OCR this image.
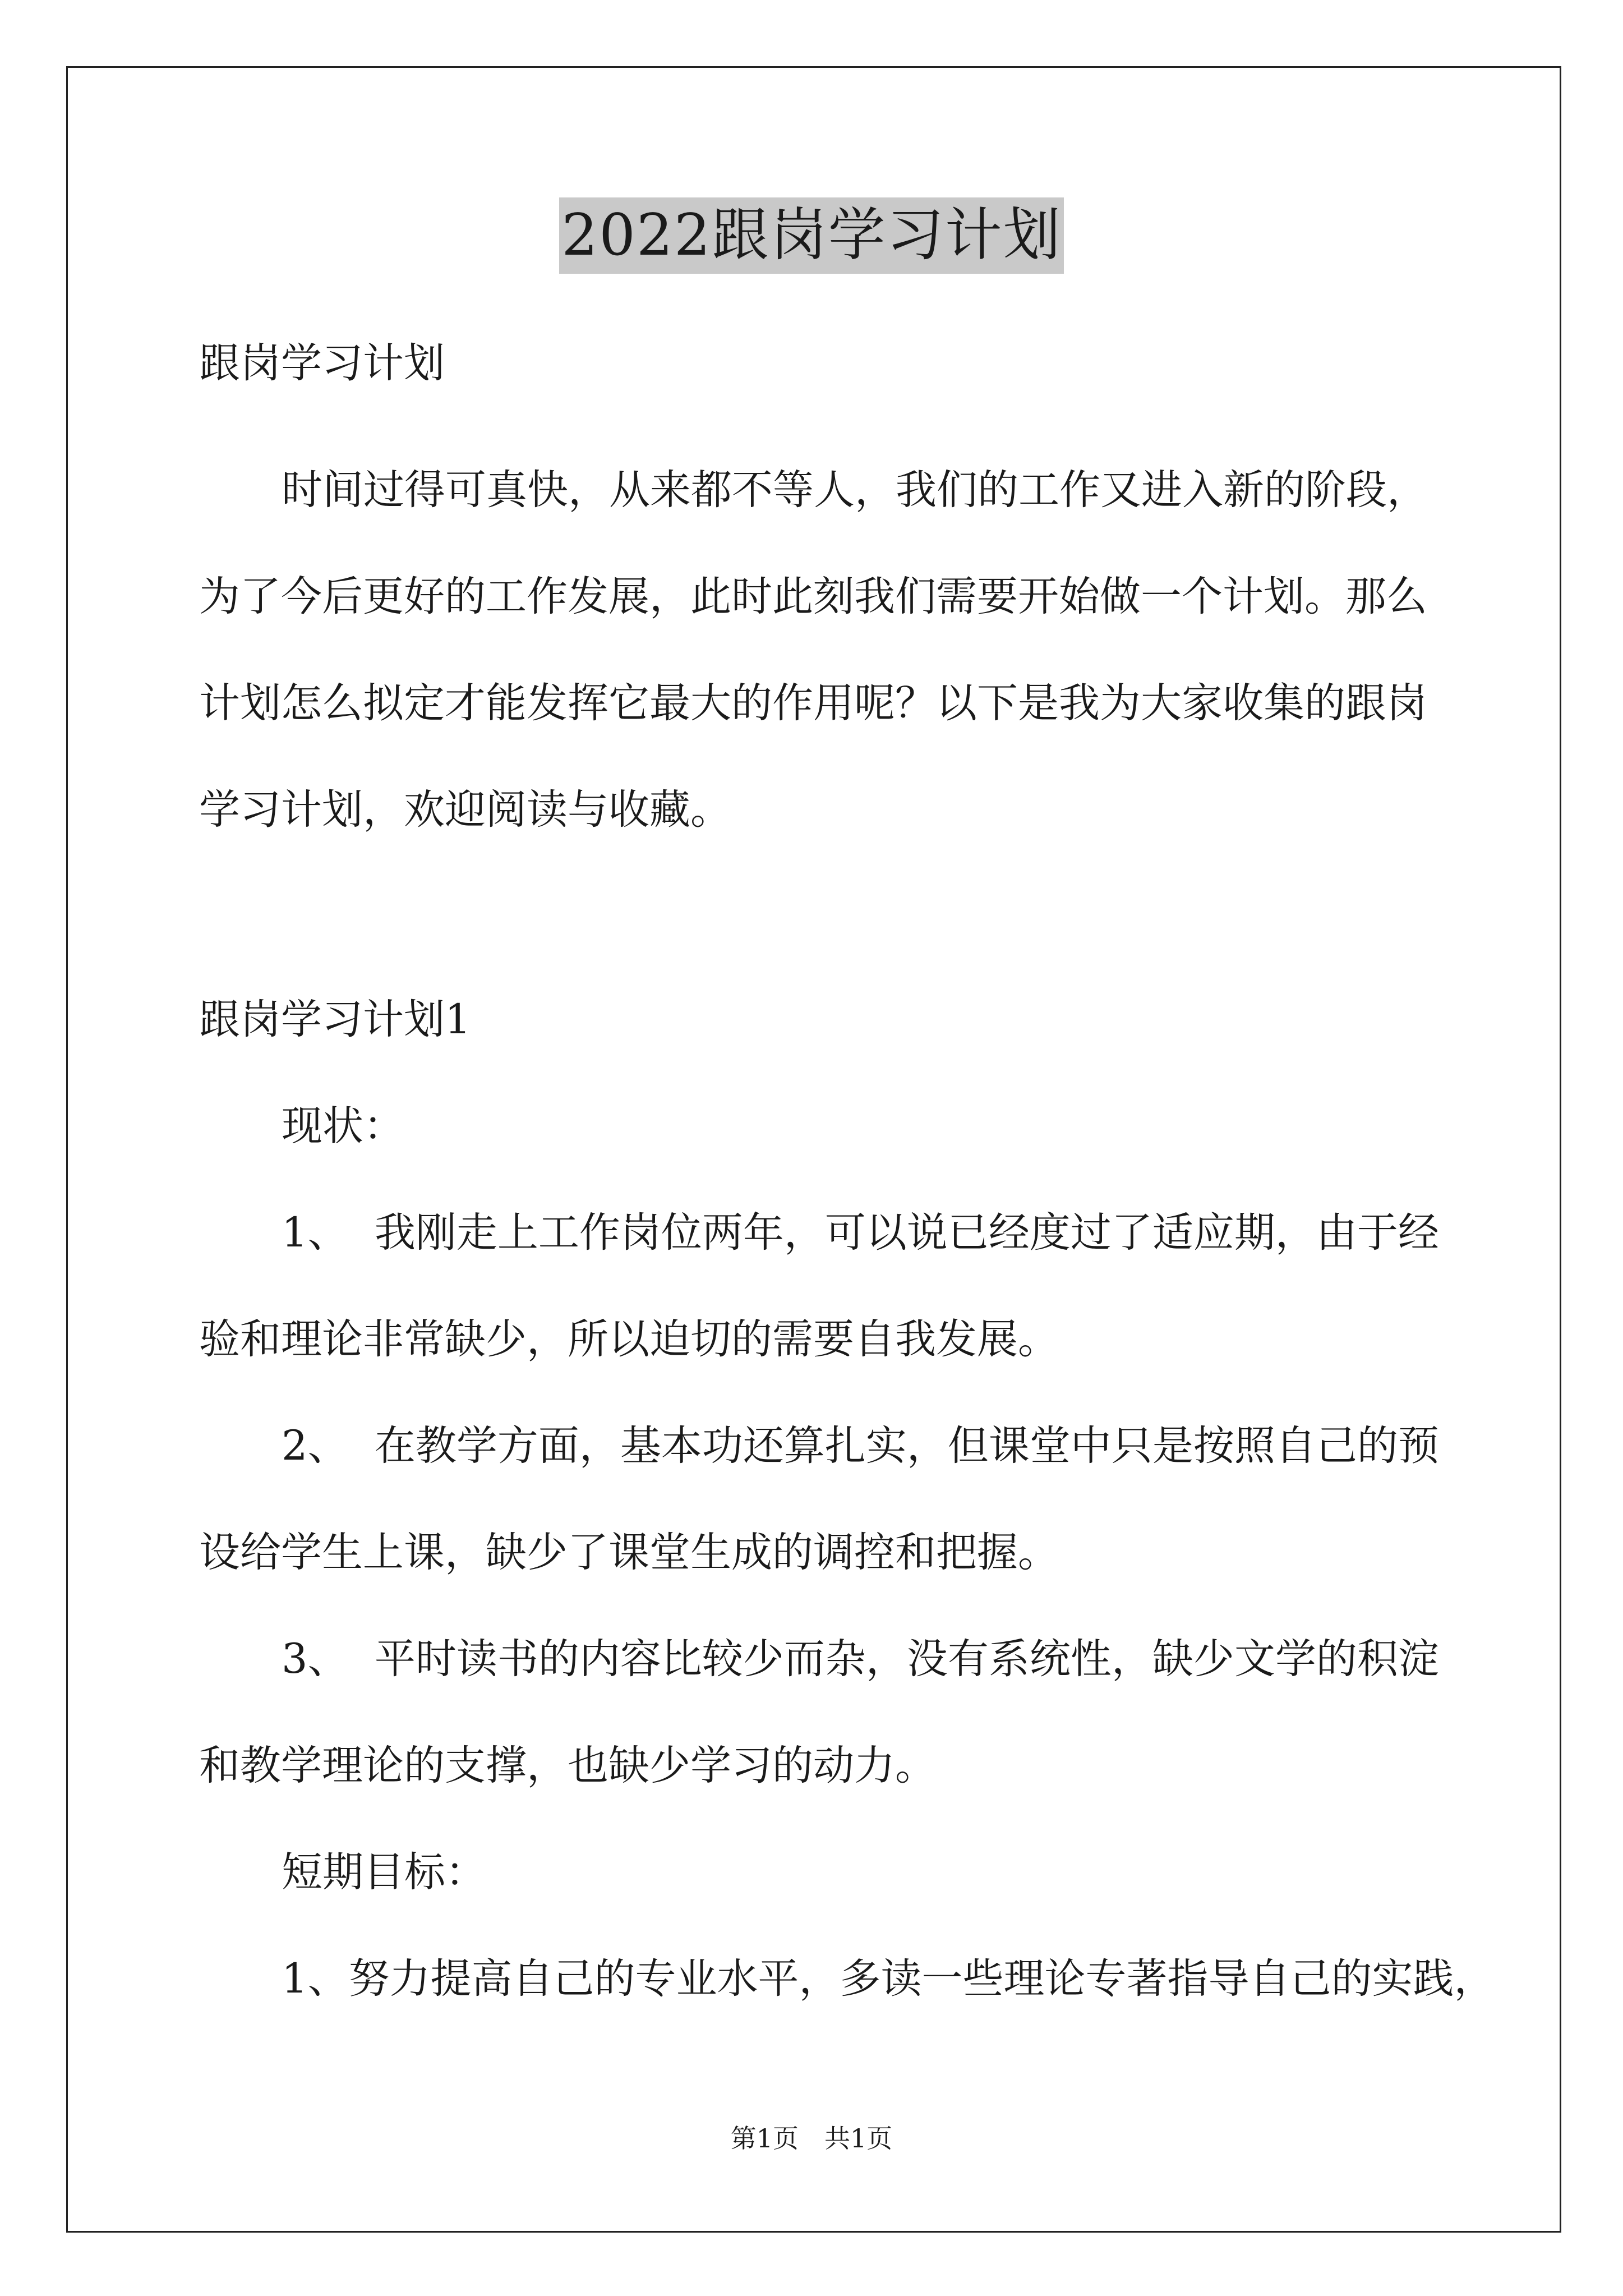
2022跟岗学习计划
跟岗学习计划
时间过得可真快，从来都不等人，我们的工作又进入新的阶段，
为了今后更好的工作发展，此时此刻我们需要开始做一个计划。那么
计划怎么拟定才能发挥它最大的作用呢？以下是我为大家收集的跟岗
学习计划，欢迎阅读与收藏。
跟岗学习计划1
现状：
1、  我刚走上工作岗位两年，可以说已经度过了适应期，由于经
验和理论非常缺少，所以迫切的需要自我发展。
2、  在教学方面，基本功还算扎实，但课堂中只是按照自己的预
设给学生上课，缺少了课堂生成的调控和把握。
3、  平时读书的内容比较少而杂，没有系统性，缺少文学的积淀
和教学理论的支撑，也缺少学习的动力。
短期目标：
1、努力提高自己的专业水平，多读一些理论专著指导自己的实践，
第1页　共1页
